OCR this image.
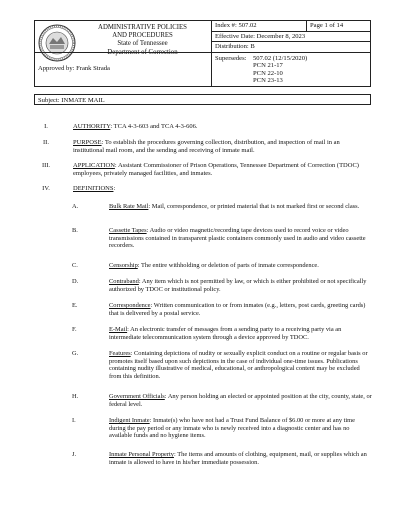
ADMINISTRATIVE POLICIES
AND PROCEDURES
State of Tennessee
Department of Correction
	Index #: 507.02	Page 1 of 14
Effective Date: December 8, 2023
Distribution: B

Supersedes: 507.02 (12/15/2020)
PCN 21-17
PCN 22-10
PCN 23-13

Approved by: Frank Strada
Subject: INMATE MAIL
I.	AUTHORITY: TCA 4-3-603 and TCA 4-3-606.
II.	PURPOSE: To establish the procedures governing collection, distribution, and inspection of mail in an institutional mail room, and the sending and receiving of inmate mail.
III.	APPLICATION: Assistant Commissioner of Prison Operations, Tennessee Department of Correction (TDOC) employees, privately managed facilities, and inmates.
IV.	DEFINITIONS:
A.	Bulk Rate Mail: Mail, correspondence, or printed material that is not marked first or second class.
B.	Cassette Tapes: Audio or video magnetic/recording tape devices used to record voice or video transmissions contained in transparent plastic containers commonly used in audio and video cassette recorders.
C.	Censorship: The entire withholding or deletion of parts of inmate correspondence.
D.	Contraband: Any item which is not permitted by law, or which is either prohibited or not specifically authorized by TDOC or institutional policy.
E.	Correspondence: Written communication to or from inmates (e.g., letters, post cards, greeting cards) that is delivered by a postal service.
F.	E-Mail: An electronic transfer of messages from a sending party to a receiving party via an intermediate telecommunication system through a device approved by TDOC.
G.	Features: Containing depictions of nudity or sexually explicit conduct on a routine or regular basis or promotes itself based upon such depictions in the case of individual one-time issues. Publications containing nudity illustrative of medical, educational, or anthropological content may be excluded from this definition.
H.	Government Officials: Any person holding an elected or appointed position at the city, county, state, or federal level.
I.	Indigent Inmate: Inmate(s) who have not had a Trust Fund Balance of $6.00 or more at any time during the pay period or any inmate who is newly received into a diagnostic center and has no available funds and no hygiene items.
J.	Inmate Personal Property: The items and amounts of clothing, equipment, mail, or supplies which an inmate is allowed to have in his/her immediate possession.
